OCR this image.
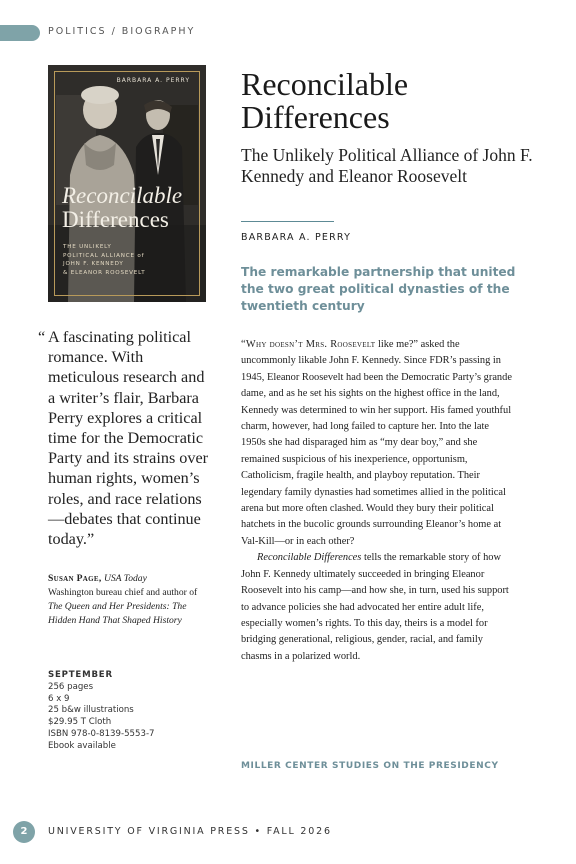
POLITICS / BIOGRAPHY
BARBARA A. PERRY
Reconcilable
Differences
THE UNLIKELY
POLITICAL ALLIANCE of
JOHN F. KENNEDY
& ELEANOR ROOSEVELT
Reconcilable
Differences
The Unlikely Political Alliance of John F. Kennedy and Eleanor Roosevelt
BARBARA A. PERRY
The remarkable partnership that united the two great political dynasties of the twentieth century

“Why doesn’t Mrs. Roosevelt like me?” asked the uncommonly likable John F. Kennedy. Since FDR’s passing in 1945, Eleanor Roosevelt had been the Democratic Party’s grande dame, and as he set his sights on the highest office in the land, Kennedy was determined to win her support. His famed youthful charm, however, had long failed to capture her. Into the late 1950s she had disparaged him as “my dear boy,” and she remained suspicious of his inexperience, opportunism, Catholicism, fragile health, and playboy reputation. Their legendary family dynasties had sometimes allied in the political arena but more often clashed. Would they bury their political hatchets in the bucolic grounds surrounding Eleanor’s home at Val-Kill—or in each other?

Reconcilable Differences tells the remarkable story of how John F. Kennedy ultimately succeeded in bringing Eleanor Roosevelt into his camp—and how she, in turn, used his support to advance policies she had advocated her entire adult life, especially women’s rights. To this day, theirs is a model for bridging generational, religious, gender, racial, and family chasms in a polarized world.

MILLER CENTER STUDIES ON THE PRESIDENCY
“ A fascinating political romance. With meticulous research and a writer’s flair, Barbara Perry explores a critical time for the Democratic Party and its strains over human rights, women’s roles, and race relations—debates that continue today.”
Susan Page, USA Today
Washington bureau chief and author of The Queen and Her Presidents: The Hidden Hand That Shaped History
SEPTEMBER
256 pages
6 x 9
25 b&w illustrations
$29.95 T Cloth
ISBN 978-0-8139-5553-7
Ebook available
2	UNIVERSITY OF VIRGINIA PRESS • FALL 2026
